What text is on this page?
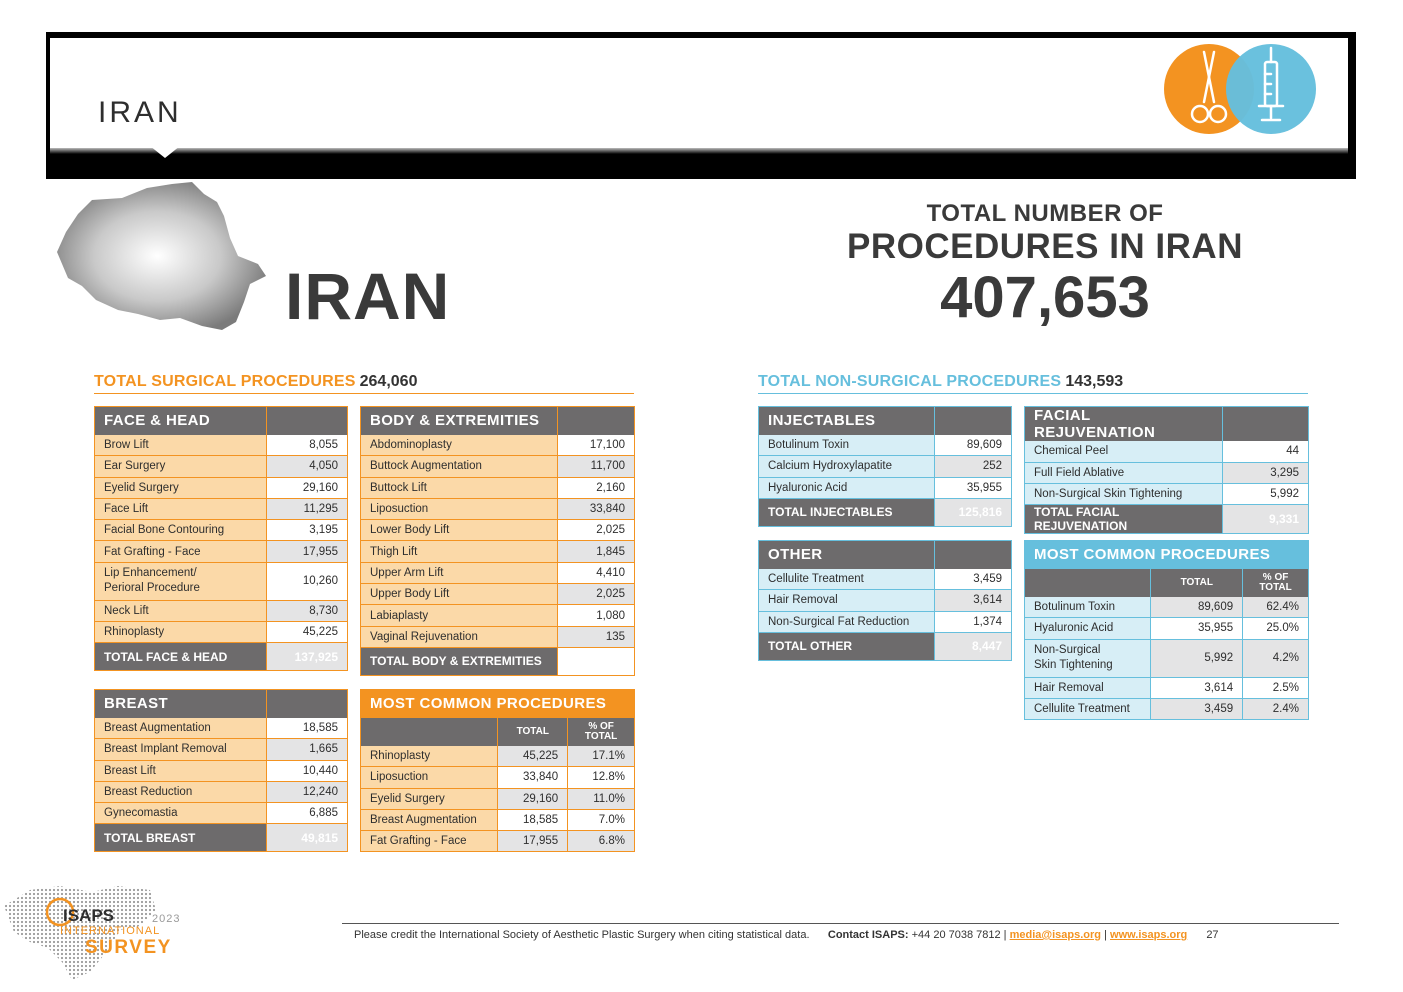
IRAN
IRAN
TOTAL NUMBER OF
PROCEDURES IN IRAN
407,653
TOTAL SURGICAL PROCEDURES 264,060	TOTAL NON-SURGICAL PROCEDURES 143,593
FACE & HEAD	
Brow Lift	8,055
Ear Surgery	4,050
Eyelid Surgery	29,160
Face Lift	11,295
Facial Bone Contouring	3,195
Fat Grafting - Face	17,955
Lip Enhancement/
Perioral Procedure	10,260
Neck Lift	8,730
Rhinoplasty	45,225
TOTAL FACE & HEAD	137,925
BODY & EXTREMITIES	
Abdominoplasty	17,100
Buttock Augmentation	11,700
Buttock Lift	2,160
Liposuction	33,840
Lower Body Lift	2,025
Thigh Lift	1,845
Upper Arm Lift	4,410
Upper Body Lift	2,025
Labiaplasty	1,080
Vaginal Rejuvenation	135
TOTAL BODY & EXTREMITIES	76,320
BREAST	
Breast Augmentation	18,585
Breast Implant Removal	1,665
Breast Lift	10,440
Breast Reduction	12,240
Gynecomastia	6,885
TOTAL BREAST	49,815
MOST COMMON PROCEDURES		
	TOTAL	% OF
TOTAL
Rhinoplasty	45,225	17.1%
Liposuction	33,840	12.8%
Eyelid Surgery	29,160	11.0%
Breast Augmentation	18,585	7.0%
Fat Grafting - Face	17,955	6.8%
INJECTABLES	
Botulinum Toxin	89,609
Calcium Hydroxylapatite	252
Hyaluronic Acid	35,955
TOTAL INJECTABLES	125,816
FACIAL REJUVENATION	
Chemical Peel	44
Full Field Ablative	3,295
Non-Surgical Skin Tightening	5,992
TOTAL FACIAL REJUVENATION	9,331
OTHER	
Cellulite Treatment	3,459
Hair Removal	3,614
Non-Surgical Fat Reduction	1,374
TOTAL OTHER	8,447
MOST COMMON PROCEDURES		
	TOTAL	% OF
TOTAL
Botulinum Toxin	89,609	62.4%
Hyaluronic Acid	35,955	25.0%
Non-Surgical
Skin Tightening	5,992	4.2%
Hair Removal	3,614	2.5%
Cellulite Treatment	3,459	2.4%
ISAPS	2023
INTERNATIONAL
SURVEY
Please credit the International Society of Aesthetic Plastic Surgery when citing statistical data. Contact ISAPS: +44 20 7038 7812 | media@isaps.org | www.isaps.org 27
